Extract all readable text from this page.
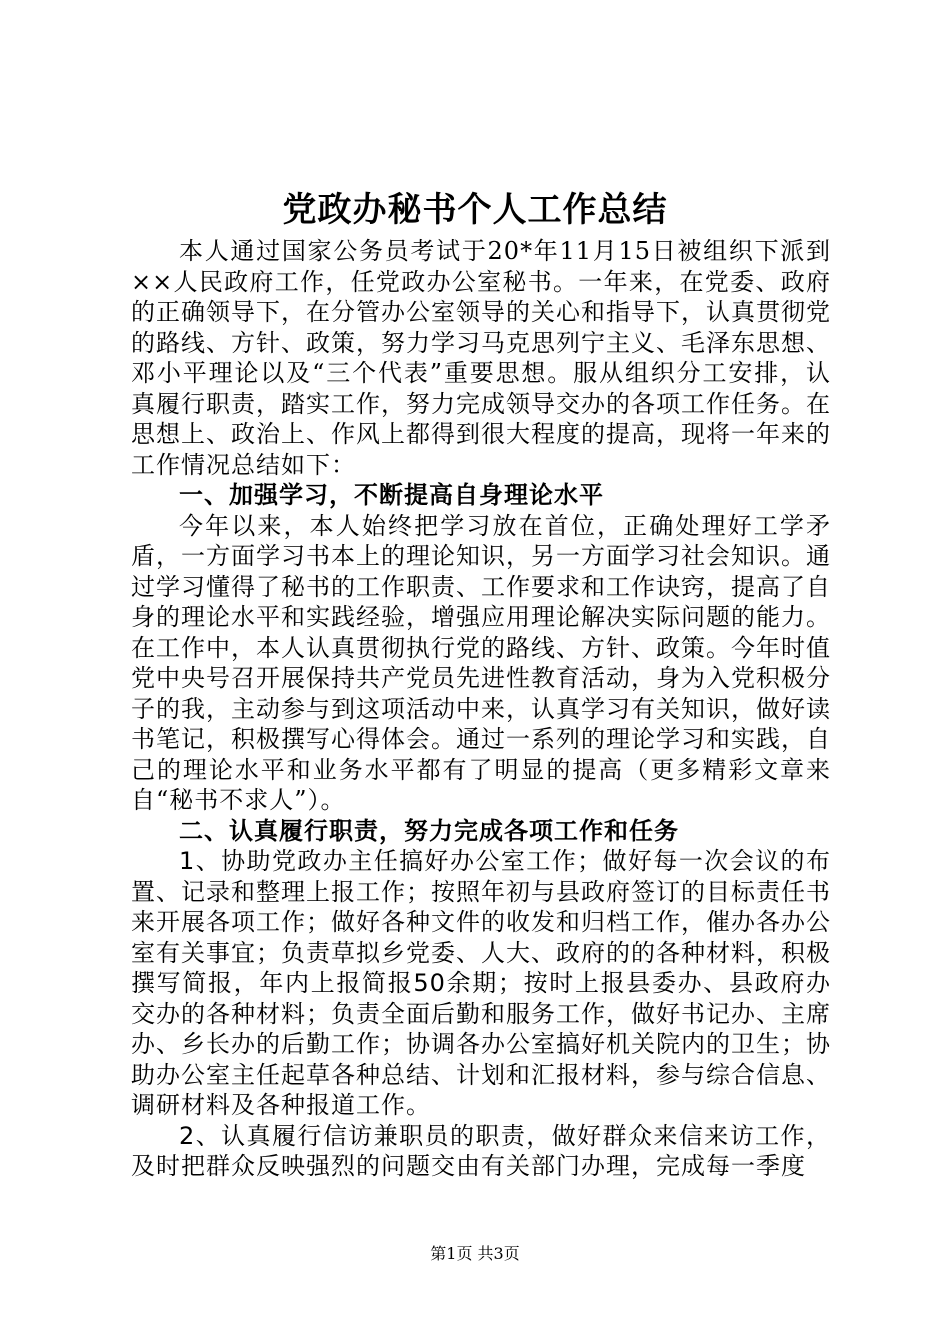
党政办秘书个人工作总结

本人通过国家公务员考试于20*年11月15日被组织下派到××人民政府工作，任党政办公室秘书。一年来，在党委、政府的正确领导下，在分管办公室领导的关心和指导下，认真贯彻党的路线、方针、政策，努力学习马克思列宁主义、毛泽东思想、邓小平理论以及“三个代表”重要思想。服从组织分工安排，认真履行职责，踏实工作，努力完成领导交办的各项工作任务。在思想上、政治上、作风上都得到很大程度的提高，现将一年来的工作情况总结如下：

一、加强学习，不断提高自身理论水平

今年以来，本人始终把学习放在首位，正确处理好工学矛盾，一方面学习书本上的理论知识，另一方面学习社会知识。通过学习懂得了秘书的工作职责、工作要求和工作诀窍，提高了自身的理论水平和实践经验，增强应用理论解决实际问题的能力。在工作中，本人认真贯彻执行党的路线、方针、政策。今年时值党中央号召开展保持共产党员先进性教育活动，身为入党积极分子的我，主动参与到这项活动中来，认真学习有关知识，做好读书笔记，积极撰写心得体会。通过一系列的理论学习和实践，自己的理论水平和业务水平都有了明显的提高（更多精彩文章来自“秘书不求人”）。

二、认真履行职责，努力完成各项工作和任务

1、协助党政办主任搞好办公室工作；做好每一次会议的布置、记录和整理上报工作；按照年初与县政府签订的目标责任书来开展各项工作；做好各种文件的收发和归档工作，催办各办公室有关事宜；负责草拟乡党委、人大、政府的的各种材料，积极撰写简报，年内上报简报50余期；按时上报县委办、县政府办交办的各种材料；负责全面后勤和服务工作，做好书记办、主席办、乡长办的后勤工作；协调各办公室搞好机关院内的卫生；协助办公室主任起草各种总结、计划和汇报材料，参与综合信息、调研材料及各种报道工作。

2、认真履行信访兼职员的职责，做好群众来信来访工作，及时把群众反映强烈的问题交由有关部门办理，完成每一季度

第1页 共3页
